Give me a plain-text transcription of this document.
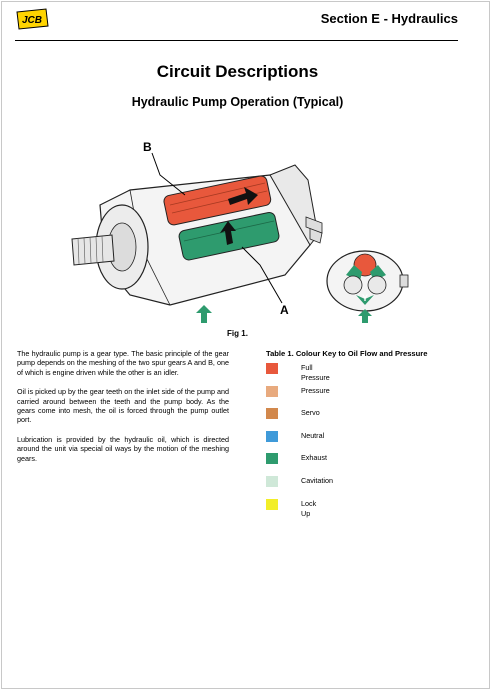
JCB	Section E - Hydraulics
Circuit Descriptions
Hydraulic Pump Operation (Typical)
B
A
Y
Fig 1.

The hydraulic pump is a gear type. The basic principle of the gear pump depends on the meshing of the two spur gears A and B, one of which is engine driven while the other is an idler.

Oil is picked up by the gear teeth on the inlet side of the pump and carried around between the teeth and the pump body. As the gears come into mesh, the oil is forced through the pump outlet port.

Lubrication is provided by the hydraulic oil, which is directed around the unit via special oil ways by the motion of the meshing gears.

Table 1. Colour Key to Oil Flow and Pressure
Full Pressure
Pressure
Servo
Neutral
Exhaust
Cavitation
Lock Up
